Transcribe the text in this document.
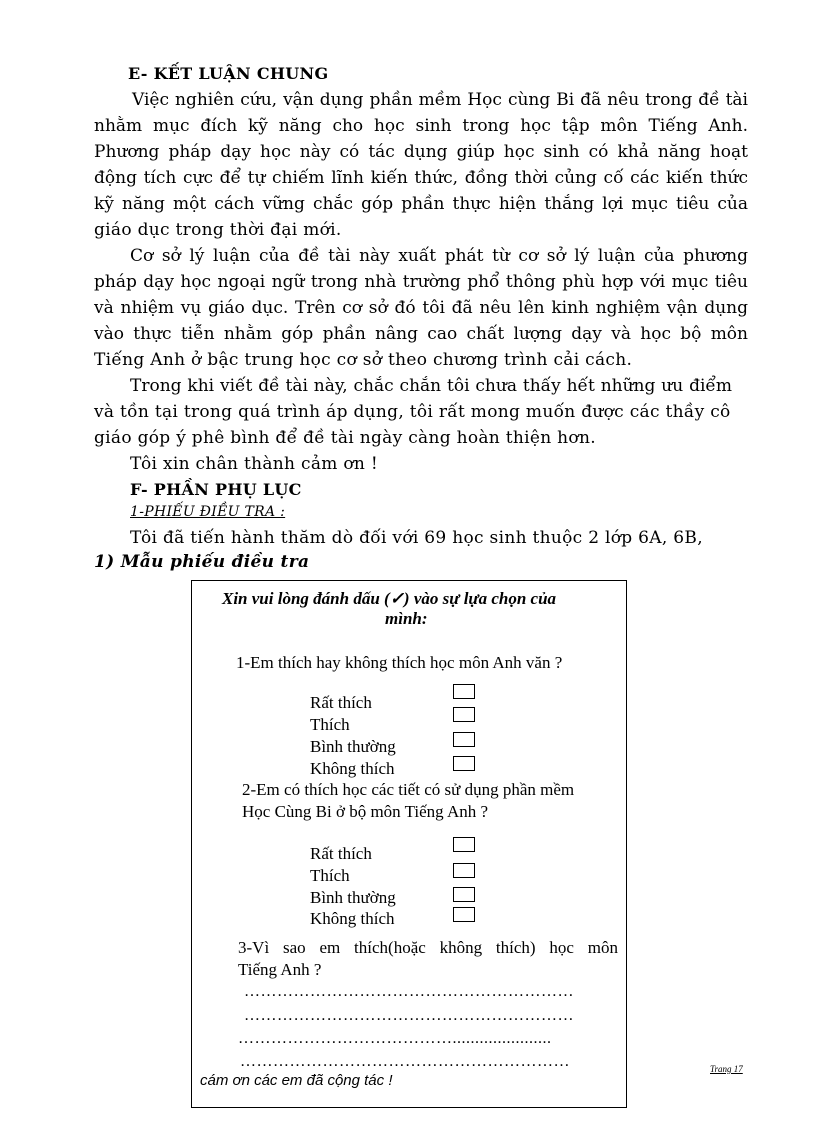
E- KẾT LUẬN CHUNG
Việc nghiên cứu, vận dụng phần mềm Học cùng Bi đã nêu trong đề tài
nhằm mục đích kỹ năng cho học sinh trong học tập môn Tiếng Anh.
Phương pháp dạy học này có tác dụng giúp học sinh có khả năng hoạt
động tích cực để tự chiếm lĩnh kiến thức, đồng thời củng cố các kiến thức
kỹ năng một cách vững chắc góp phần thực hiện thắng lợi mục tiêu của
giáo dục trong thời đại mới.
Cơ sở lý luận của đề tài này xuất phát từ cơ sở lý luận của phương
pháp dạy học ngoại ngữ trong nhà trường phổ thông phù hợp với mục tiêu
và nhiệm vụ giáo dục. Trên cơ sở đó tôi đã nêu lên kinh nghiệm vận dụng
vào thực tiễn nhằm góp phần nâng cao chất lượng dạy và học bộ môn
Tiếng Anh ở bậc trung học cơ sở theo chương trình cải cách.
Trong khi viết đề tài này, chắc chắn tôi chưa thấy hết những ưu điểm
và tồn tại trong quá trình áp dụng, tôi rất mong muốn được các thầy cô
giáo góp ý phê bình để đề tài ngày càng hoàn thiện hơn.
Tôi xin chân thành cảm ơn !
F- PHẦN PHỤ LỤC
1-PHIẾU ĐIỀU TRA :
Tôi đã tiến hành thăm dò đối với 69 học sinh thuộc 2 lớp 6A, 6B,
1) Mẫu phiếu điều tra
Xin vui lòng đánh dấu (✓) vào sự lựa chọn của
mình:
1-Em thích hay không thích học môn Anh văn ?
Rất thích
Thích
Bình thường
Không thích
2-Em có thích học các tiết có sử dụng phần mềm
Học Cùng Bi ở bộ môn Tiếng Anh ?
Rất thích
Thích
Bình thường
Không thích
3-Vì sao em thích(hoặc không thích) học môn
Tiếng Anh ?
……………………………………………………
……………………………………………………
…………………………………......................
……………………………………………………
cám ơn các em đã cộng tác !
Trang 17
